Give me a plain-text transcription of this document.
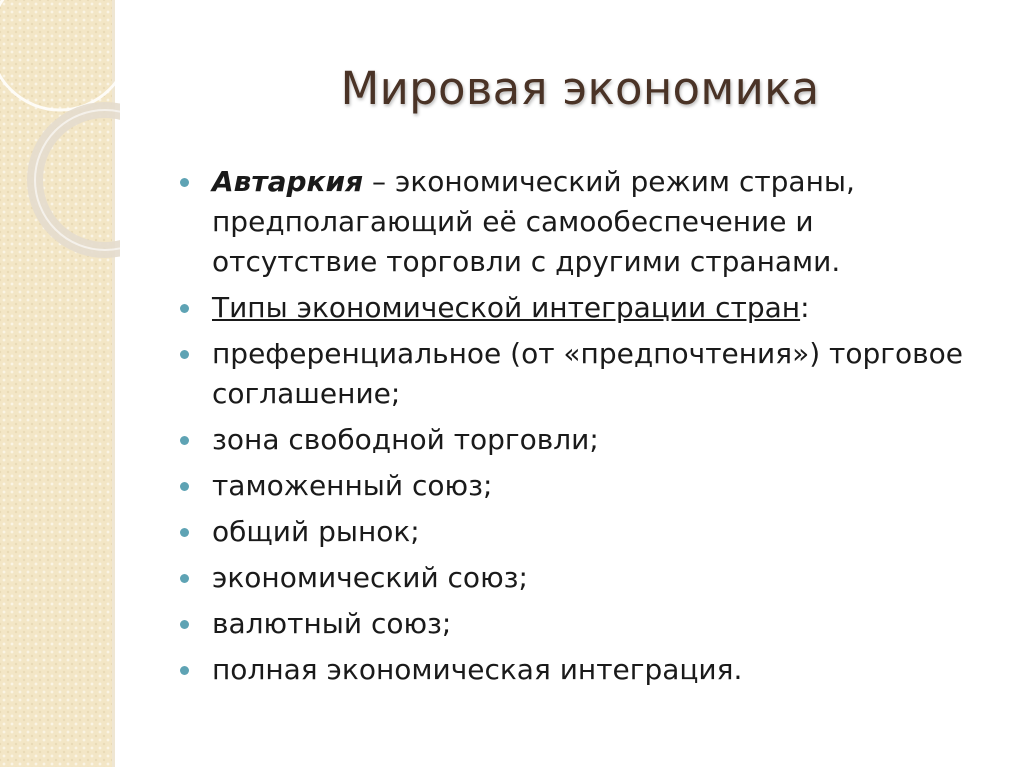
Мировая экономика
Автаркия – экономический режим страны, предполагающий её самообеспечение и отсутствие торговли с другими странами.
Типы экономической интеграции стран:
преференциальное (от «предпочтения») торговое соглашение;
зона свободной торговли;
таможенный союз;
общий рынок;
экономический союз;
валютный союз;
полная экономическая интеграция.
